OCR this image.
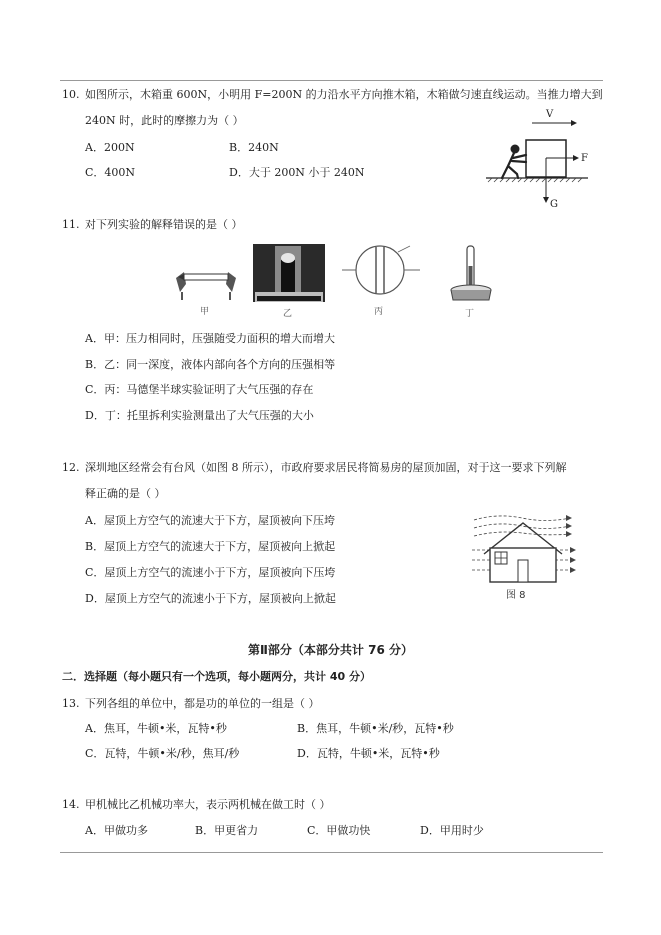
10. 如图所示，木箱重 600N，小明用 F=200N 的力沿水平方向推木箱，木箱做匀速直线运动。当推力增大到
240N 时，此时的摩擦力为（ ）
A．200N	B．240N
C．400N	D．大于 200N 小于 240N
V
F
G
11. 对下列实验的解释错误的是（ ）
甲	乙	丙	丁
A．甲：压力相同时，压强随受力面积的增大而增大
B．乙：同一深度，液体内部向各个方向的压强相等
C．丙：马德堡半球实验证明了大气压强的存在
D．丁：托里拆利实验测量出了大气压强的大小
12. 深圳地区经常会有台风（如图 8 所示），市政府要求居民将简易房的屋顶加固，对于这一要求下列解
释正确的是（ ）
A．屋顶上方空气的流速大于下方，屋顶被向下压垮
B．屋顶上方空气的流速大于下方，屋顶被向上掀起
C．屋顶上方空气的流速小于下方，屋顶被向下压垮
D．屋顶上方空气的流速小于下方，屋顶被向上掀起	图 8
第Ⅱ部分（本部分共计 76 分）
二．选择题（每小题只有一个选项，每小题两分，共计 40 分）
13. 下列各组的单位中，都是功的单位的一组是（ ）
A．焦耳，牛顿•米，瓦特•秒	B．焦耳，牛顿•米/秒，瓦特•秒
C．瓦特，牛顿•米/秒，焦耳/秒	D．瓦特，牛顿•米，瓦特•秒
14. 甲机械比乙机械功率大，表示两机械在做工时（ ）
A．甲做功多	B．甲更省力	C．甲做功快	D．甲用时少
